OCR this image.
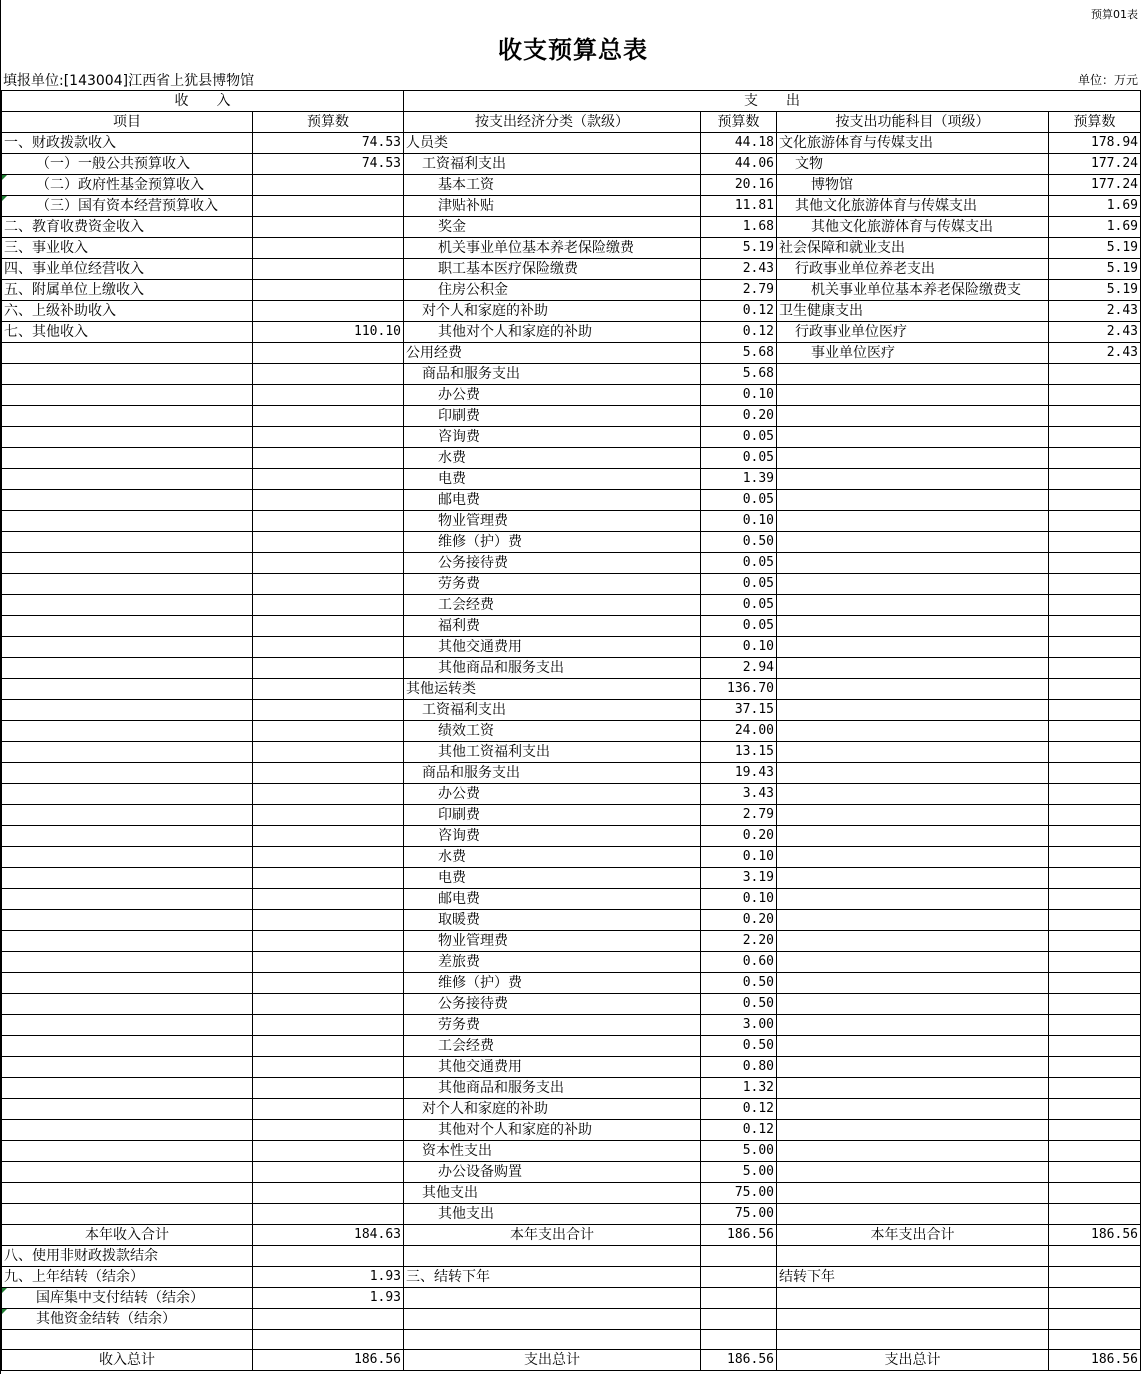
预算01表
收支预算总表
填报单位:[143004]江西省上犹县博物馆	单位：万元
收　　入		支　　出			
项目	预算数	按支出经济分类（款级）	预算数	按支出功能科目（项级）	预算数
一、财政拨款收入	74.53	人员类	44.18	文化旅游体育与传媒支出	178.94
（一）一般公共预算收入	74.53	工资福利支出	44.06	文物	177.24
（二）政府性基金预算收入		基本工资	20.16	博物馆	177.24
（三）国有资本经营预算收入		津贴补贴	11.81	其他文化旅游体育与传媒支出	1.69
二、教育收费资金收入		奖金	1.68	其他文化旅游体育与传媒支出	1.69
三、事业收入		机关事业单位基本养老保险缴费	5.19	社会保障和就业支出	5.19
四、事业单位经营收入		职工基本医疗保险缴费	2.43	行政事业单位养老支出	5.19
五、附属单位上缴收入		住房公积金	2.79	机关事业单位基本养老保险缴费支	5.19
六、上级补助收入		对个人和家庭的补助	0.12	卫生健康支出	2.43
七、其他收入	110.10	其他对个人和家庭的补助	0.12	行政事业单位医疗	2.43
		公用经费	5.68	事业单位医疗	2.43
		商品和服务支出	5.68		
		办公费	0.10		
		印刷费	0.20		
		咨询费	0.05		
		水费	0.05		
		电费	1.39		
		邮电费	0.05		
		物业管理费	0.10		
		维修（护）费	0.50		
		公务接待费	0.05		
		劳务费	0.05		
		工会经费	0.05		
		福利费	0.05		
		其他交通费用	0.10		
		其他商品和服务支出	2.94		
		其他运转类	136.70		
		工资福利支出	37.15		
		绩效工资	24.00		
		其他工资福利支出	13.15		
		商品和服务支出	19.43		
		办公费	3.43		
		印刷费	2.79		
		咨询费	0.20		
		水费	0.10		
		电费	3.19		
		邮电费	0.10		
		取暖费	0.20		
		物业管理费	2.20		
		差旅费	0.60		
		维修（护）费	0.50		
		公务接待费	0.50		
		劳务费	3.00		
		工会经费	0.50		
		其他交通费用	0.80		
		其他商品和服务支出	1.32		
		对个人和家庭的补助	0.12		
		其他对个人和家庭的补助	0.12		
		资本性支出	5.00		
		办公设备购置	5.00		
		其他支出	75.00		
		其他支出	75.00		
本年收入合计	184.63	本年支出合计	186.56	本年支出合计	186.56
八、使用非财政拨款结余					
九、上年结转（结余）	1.93	三、结转下年		结转下年	
国库集中支付结转（结余）	1.93				
其他资金结转（结余）					

收入总计	186.56	支出总计	186.56	支出总计	186.56
